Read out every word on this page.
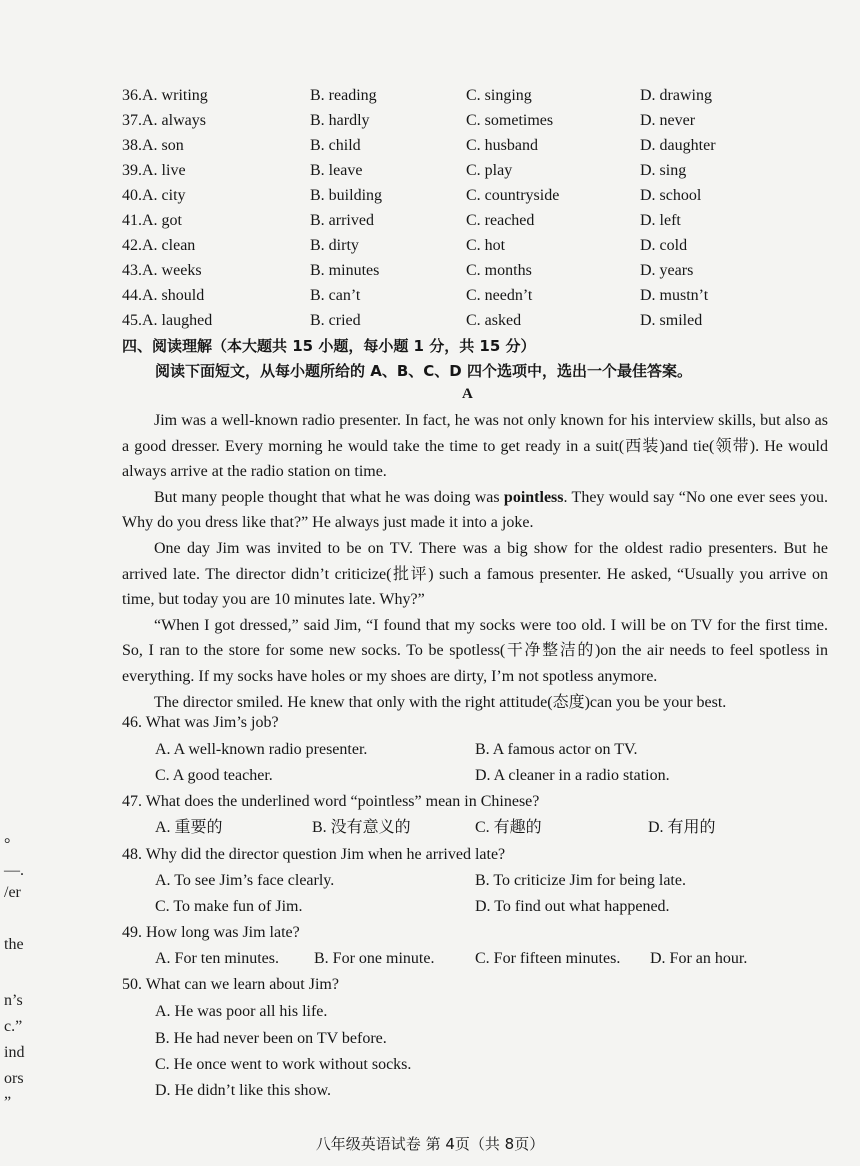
36.A. writing	B. reading	C. singing	D. drawing
37.A. always	B. hardly	C. sometimes	D. never
38.A. son	B. child	C. husband	D. daughter
39.A. live	B. leave	C. play	D. sing
40.A. city	B. building	C. countryside	D. school
41.A. got	B. arrived	C. reached	D. left
42.A. clean	B. dirty	C. hot	D. cold
43.A. weeks	B. minutes	C. months	D. years
44.A. should	B. can’t	C. needn’t	D. mustn’t
45.A. laughed	B. cried	C. asked	D. smiled
四、阅读理解（本大题共 15 小题，每小题 1 分，共 15 分）
阅读下面短文，从每小题所给的 A、B、C、D 四个选项中，选出一个最佳答案。
A

Jim was a well-known radio presenter. In fact, he was not only known for his interview skills, but also as a good dresser. Every morning he would take the time to get ready in a suit(西装)and tie(领带). He would always arrive at the radio station on time.

But many people thought that what he was doing was pointless. They would say “No one ever sees you. Why do you dress like that?” He always just made it into a joke.

One day Jim was invited to be on TV. There was a big show for the oldest radio presenters. But he arrived late. The director didn’t criticize(批评) such a famous presenter. He asked, “Usually you arrive on time, but today you are 10 minutes late. Why?”

“When I got dressed,” said Jim, “I found that my socks were too old. I will be on TV for the first time. So, I ran to the store for some new socks. To be spotless(干净整洁的)on the air needs to feel spotless in everything. If my socks have holes or my shoes are dirty, I’m not spotless anymore.

The director smiled. He knew that only with the right attitude(态度)can you be your best.

46. What was Jim’s job?
A. A well-known radio presenter.	B. A famous actor on TV.
C. A good teacher.	D. A cleaner in a radio station.
47. What does the underlined word “pointless” mean in Chinese?
A. 重要的	B. 没有意义的	C. 有趣的	D. 有用的
48. Why did the director question Jim when he arrived late?
A. To see Jim’s face clearly.	B. To criticize Jim for being late.
C. To make fun of Jim.	D. To find out what happened.
49. How long was Jim late?
A. For ten minutes. B. For one minute.	C. For fifteen minutes. D. For an hour.
50. What can we learn about Jim?
A. He was poor all his life.
B. He had never been on TV before.
C. He once went to work without socks.
D. He didn’t like this show.
°
—.
/er
the
n’s
c.”
ind
ors
”
八年级英语试卷 第 4页（共 8页）
